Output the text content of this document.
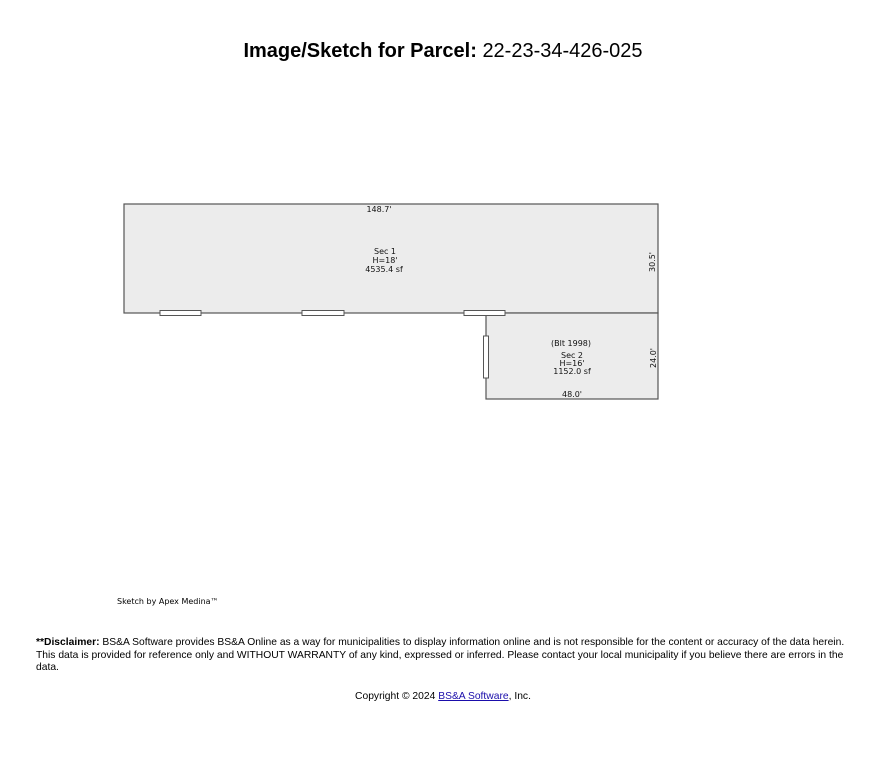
Image/Sketch for Parcel: 22-23-34-426-025
148.7'
30.5'
Sec 1
H=18'
4535.4 sf
(Blt 1998)
Sec 2
H=16'
1152.0 sf
24.0'
48.0'
Sketch by Apex Medina™
**Disclaimer: BS&A Software provides BS&A Online as a way for municipalities to display information online and is not responsible for the content or accuracy of the data herein. This data is provided for reference only and WITHOUT WARRANTY of any kind, expressed or inferred. Please contact your local municipality if you believe there are errors in the data.
Copyright © 2024 BS&A Software, Inc.
